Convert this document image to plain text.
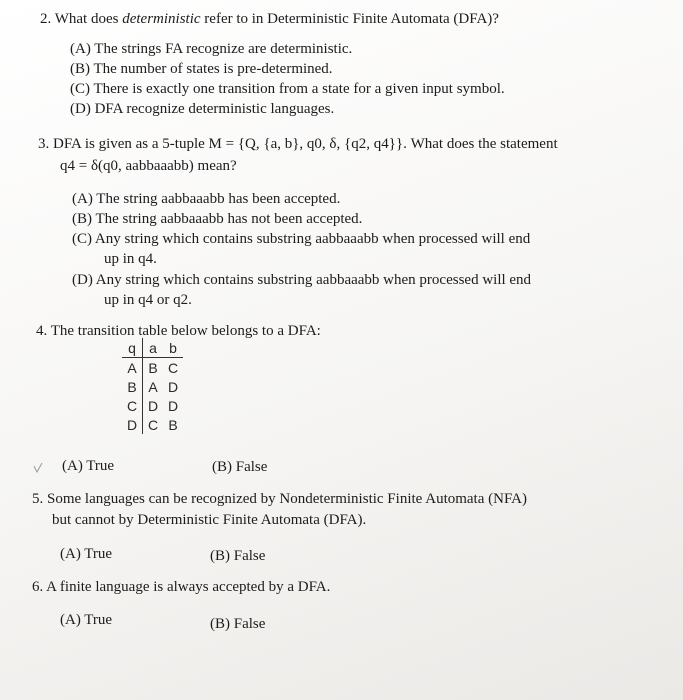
2. What does deterministic refer to in Deterministic Finite Automata (DFA)?
(A) The strings FA recognize are deterministic.
(B) The number of states is pre-determined.
(C) There is exactly one transition from a state for a given input symbol.
(D) DFA recognize deterministic languages.
3. DFA is given as a 5-tuple M = {Q, {a, b}, q0, δ, {q2, q4}}. What does the statement
q4 = δ(q0, aabbaaabb) mean?
(A) The string aabbaaabb has been accepted.
(B) The string aabbaaabb has not been accepted.
(C) Any string which contains substring aabbaaabb when processed will end
up in q4.
(D) Any string which contains substring aabbaaabb when processed will end
up in q4 or q2.
4. The transition table below belongs to a DFA:
q	a	b
A	B	C
B	A	D
C	D	D
D	C	B
(A) True	(B) False
5. Some languages can be recognized by Nondeterministic Finite Automata (NFA)
but cannot by Deterministic Finite Automata (DFA).
(A) True	(B) False
6. A finite language is always accepted by a DFA.
(A) True	(B) False
